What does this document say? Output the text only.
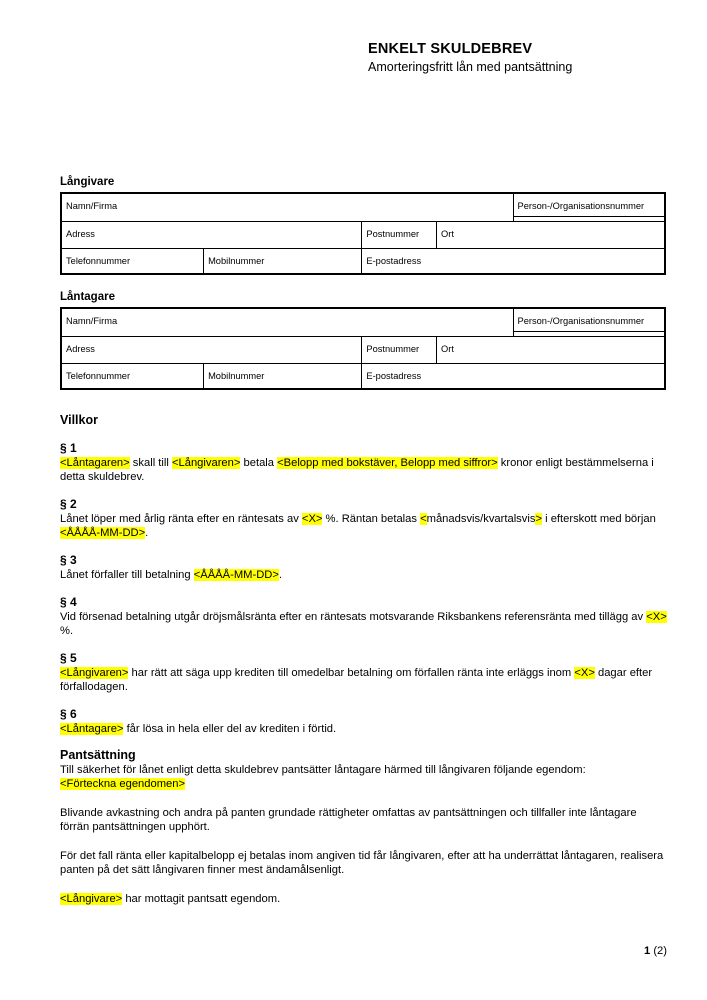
ENKELT SKULDEBREV
Amorteringsfritt lån med pantsättning
Långivare
Namn/Firma	Person-/Organisationsnummer
Adress	Postnummer	Ort
Telefonnummer	Mobilnummer	E-postadress
Låntagare
Namn/Firma	Person-/Organisationsnummer
Adress	Postnummer	Ort
Telefonnummer	Mobilnummer	E-postadress
Villkor
§ 1

<Låntagaren> skall till <Långivaren> betala <Belopp med bokstäver, Belopp med siffror> kronor enligt bestämmelserna i detta skuldebrev.

§ 2

Lånet löper med årlig ränta efter en räntesats av <X> %. Räntan betalas <månadsvis/kvartalsvis> i efterskott med början <ÅÅÅÅ-MM-DD>.

§ 3

Lånet förfaller till betalning <ÅÅÅÅ-MM-DD>.

§ 4

Vid försenad betalning utgår dröjsmålsränta efter en räntesats motsvarande Riksbankens referensränta med tillägg av <X> %.

§ 5

<Långivaren> har rätt att säga upp krediten till omedelbar betalning om förfallen ränta inte erläggs inom <X> dagar efter förfallodagen.

§ 6

<Låntagare> får lösa in hela eller del av krediten i förtid.

Pantsättning

Till säkerhet för lånet enligt detta skuldebrev pantsätter låntagare härmed till långivaren följande egendom:
<Förteckna egendomen>

Blivande avkastning och andra på panten grundade rättigheter omfattas av pantsättningen och tillfaller inte låntagare förrän pantsättningen upphört.

För det fall ränta eller kapitalbelopp ej betalas inom angiven tid får långivaren, efter att ha underrättat låntagaren, realisera panten på det sätt långivaren finner mest ändamålsenligt.

<Långivare> har mottagit pantsatt egendom.

1 (2)
